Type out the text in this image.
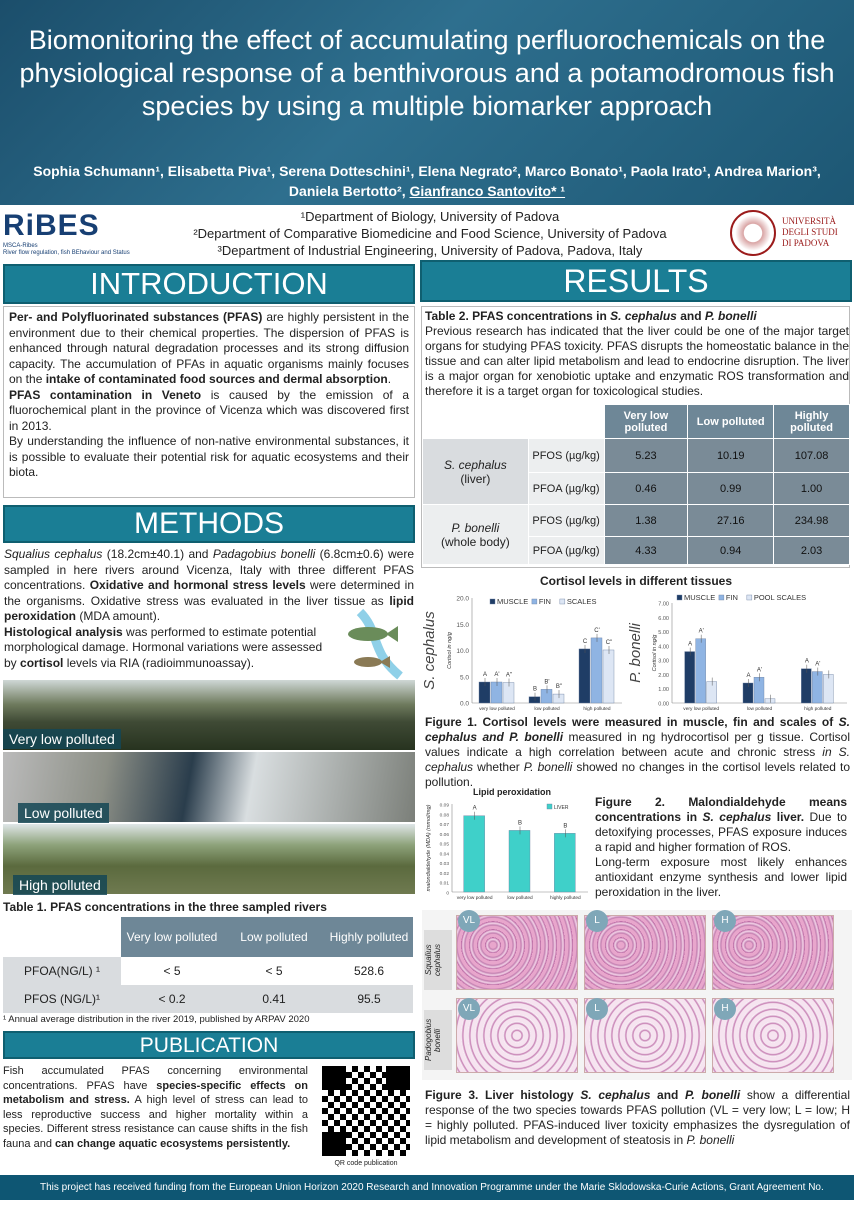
Biomonitoring the effect of accumulating perfluorochemicals on the physiological response of a benthivorous and a potamodromous fish species by using a multiple biomarker approach
Sophia Schumann¹, Elisabetta Piva¹, Serena Dotteschini¹, Elena Negrato², Marco Bonato¹, Paola Irato¹, Andrea Marion³, Daniela Bertotto², Gianfranco Santovito* ¹
RiBES
MSCA-Ribes
River flow regulation, fish BEhaviour and Status
¹Department of Biology, University of Padova
²Department of Comparative Biomedicine and Food Science, University of Padova
³Department of Industrial Engineering, University of Padova, Padova, Italy
UNIVERSITÀ
DEGLI STUDI
DI PADOVA
INTRODUCTION
Per- and Polyfluorinated substances (PFAS) are highly persistent in the environment due to their chemical properties. The dispersion of PFAS is enhanced through natural degradation processes and its strong diffusion capacity. The accumulation of PFAs in aquatic organisms mainly focuses on the intake of contaminated food sources and dermal absorption.
PFAS contamination in Veneto is caused by the emission of a fluorochemical plant in the province of Vicenza which was discovered first in 2013.
By understanding the influence of non-native environmental substances, it is possible to evaluate their potential risk for aquatic ecosystems and their biota.
METHODS
Squalius cephalus (18.2cm±40.1) and Padagobius bonelli (6.8cm±0.6) were sampled in here rivers around Vicenza, Italy with three different PFAS concentrations. Oxidative and hormonal stress levels were determined in the organisms. Oxidative stress was evaluated in the liver tissue as lipid peroxidation (MDA amount).
Histological analysis was performed to estimate potential morphological damage. Hormonal variations were assessed by cortisol levels via RIA (radioimmunoassay).
Very low polluted
Low polluted
High polluted
Table 1. PFAS concentrations in the three sampled rivers
	Very low polluted	Low polluted	Highly polluted
PFOA(NG/L) ¹	< 5	< 5	528.6
PFOS (NG/L)¹	< 0.2	0.41	95.5
¹ Annual average distribution in the river 2019, published by ARPAV 2020
PUBLICATION
Fish accumulated PFAS concerning environmental concentrations. PFAS have species-specific effects on metabolism and stress. A high level of stress can lead to less reproductive success and higher mortality within a species. Different stress resistance can cause shifts in the fish fauna and can change aquatic ecosystems persistently.
QR code publication
RESULTS
Table 2. PFAS concentrations in S. cephalus and P. bonelli
Previous research has indicated that the liver could be one of the major target organs for studying PFAS toxicity. PFAS disrupts the homeostatic balance in the tissue and can alter lipid metabolism and lead to endocrine disruption. The liver is a major organ for xenobiotic uptake and enzymatic ROS transformation and therefore it is a target organ for toxicological studies.
		Very low polluted	Low polluted	Highly polluted
S. cephalus
(liver)	PFOS (µg/kg)	5.23	10.19	107.08
	PFOA (µg/kg)	0.46	0.99	1.00
P. bonelli
(whole body)	PFOS (µg/kg)	1.38	27.16	234.98
	PFOA (µg/kg)	4.33	0.94	2.03
Cortisol levels in different tissues
0.0
5.0
10.0
15.0
20.0
Cortisol in ng/g
S. cephalus	A A' A''
very low polluted
B
B'
B''
low polluted
C
C'
C''
high polluted
MUSCLE FIN SCALES
0.00
1.00
2.00
3.00
4.00
5.00
6.00
7.00
Cortisol in ng/g
P. bonelli	A
A'
very low polluted
A
A'
low polluted
A A'
high polluted
MUSCLE FIN POOL SCALES
Figure 1. Cortisol levels were measured in muscle, fin and scales of S. cephalus and P. bonelli measured in ng hydrocortisol per g tissue. Cortisol values indicate a high correlation between acute and chronic stress in S. cephalus whether P. bonelli showed no changes in the cortisol levels related to pollution.
0
0.01
0.02
0.03
0.04
0.05
0.06
0.07
0.08
0.09
malondialdehyde (MDA) (mmol/mg)	A
very low polluted
B
low polluted
B
highly polluted
LIVER
Lipid peroxidation
Figure 2. Malondialdehyde means concentrations in S. cephalus liver. Due to detoxifying processes, PFAS exposure induces a rapid and higher formation of ROS.
Long-term exposure most likely enhances antioxidant enzyme synthesis and lower lipid peroxidation in the liver.
Squalius cephalus
Padogobius bonelli
VL	L	H
VL	L	H
Figure 3. Liver histology S. cephalus and P. bonelli show a differential response of the two species towards PFAS pollution (VL = very low; L = low; H = highly polluted. PFAS-induced liver toxicity emphasizes the dysregulation of lipid metabolism and development of steatosis in P. bonelli
This project has received funding from the European Union Horizon 2020 Research and Innovation Programme under the Marie Sklodowska-Curie Actions, Grant Agreement No. 860800
